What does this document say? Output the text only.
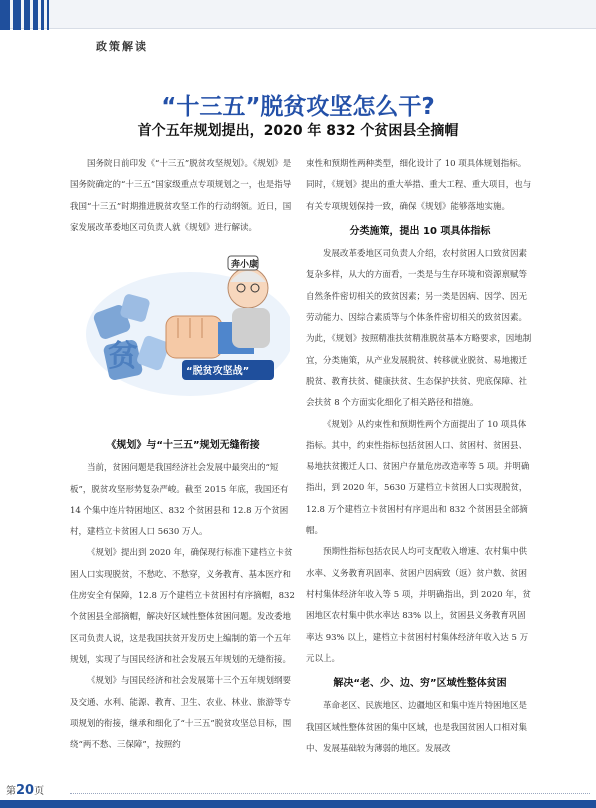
政策解读
“十三五”脱贫攻坚怎么干?
首个五年规划提出，2020 年 832 个贫困县全摘帽

国务院日前印发《“十三五”脱贫攻坚规划》。《规划》是国务院确定的“十三五”国家级重点专项规划之一，也是指导我国“十三五”时期推进脱贫攻坚工作的行动纲领。近日，国家发展改革委地区司负责人就《规划》进行解读。

贫
奔小康
“脱贫攻坚战”
《规划》与“十三五”规划无缝衔接

当前，贫困问题是我国经济社会发展中最突出的“短板”，脱贫攻坚形势复杂严峻。截至 2015 年底，我国还有 14 个集中连片特困地区、832 个贫困县和 12.8 万个贫困村，建档立卡贫困人口 5630 万人。

《规划》提出到 2020 年，确保现行标准下建档立卡贫困人口实现脱贫，不愁吃、不愁穿，义务教育、基本医疗和住房安全有保障，12.8 万个建档立卡贫困村有序摘帽，832 个贫困县全部摘帽，解决好区域性整体贫困问题。发改委地区司负责人说，这是我国扶贫开发历史上编制的第一个五年规划，实现了与国民经济和社会发展五年规划的无缝衔接。

《规划》与国民经济和社会发展第十三个五年规划纲要及交通、水利、能源、教育、卫生、农业、林业、旅游等专项规划的衔接，继承和细化了“十三五”脱贫攻坚总目标，围绕“两不愁、三保障”，按照约

束性和预期性两种类型，细化设计了 10 项具体规划指标。同时，《规划》提出的重大举措、重大工程、重大项目，也与有关专项规划保持一致，确保《规划》能够落地实施。

分类施策，提出 10 项具体指标

发展改革委地区司负责人介绍，农村贫困人口致贫因素复杂多样，从大的方面看，一类是与生存环境和资源禀赋等自然条件密切相关的致贫因素；另一类是因病、因学、因无劳动能力、因综合素质等与个体条件密切相关的致贫因素。为此，《规划》按照精准扶贫精准脱贫基本方略要求，因地制宜，分类施策，从产业发展脱贫、转移就业脱贫、易地搬迁脱贫、教育扶贫、健康扶贫、生态保护扶贫、兜底保障、社会扶贫 8 个方面实化细化了相关路径和措施。

《规划》从约束性和预期性两个方面提出了 10 项具体指标。其中，约束性指标包括贫困人口、贫困村、贫困县、易地扶贫搬迁人口、贫困户存量危房改造率等 5 项。并明确指出，到 2020 年，5630 万建档立卡贫困人口实现脱贫，12.8 万个建档立卡贫困村有序退出和 832 个贫困县全部摘帽。

预期性指标包括农民人均可支配收入增速、农村集中供水率、义务教育巩固率、贫困户因病致（返）贫户数、贫困村村集体经济年收入等 5 项，并明确指出，到 2020 年，贫困地区农村集中供水率达 83% 以上，贫困县义务教育巩固率达 93% 以上，建档立卡贫困村村集体经济年收入达 5 万元以上。

解决“老、少、边、穷”区域性整体贫困

革命老区、民族地区、边疆地区和集中连片特困地区是我国区域性整体贫困的集中区域，也是我国贫困人口相对集中、发展基础较为薄弱的地区。发展改

第20页
